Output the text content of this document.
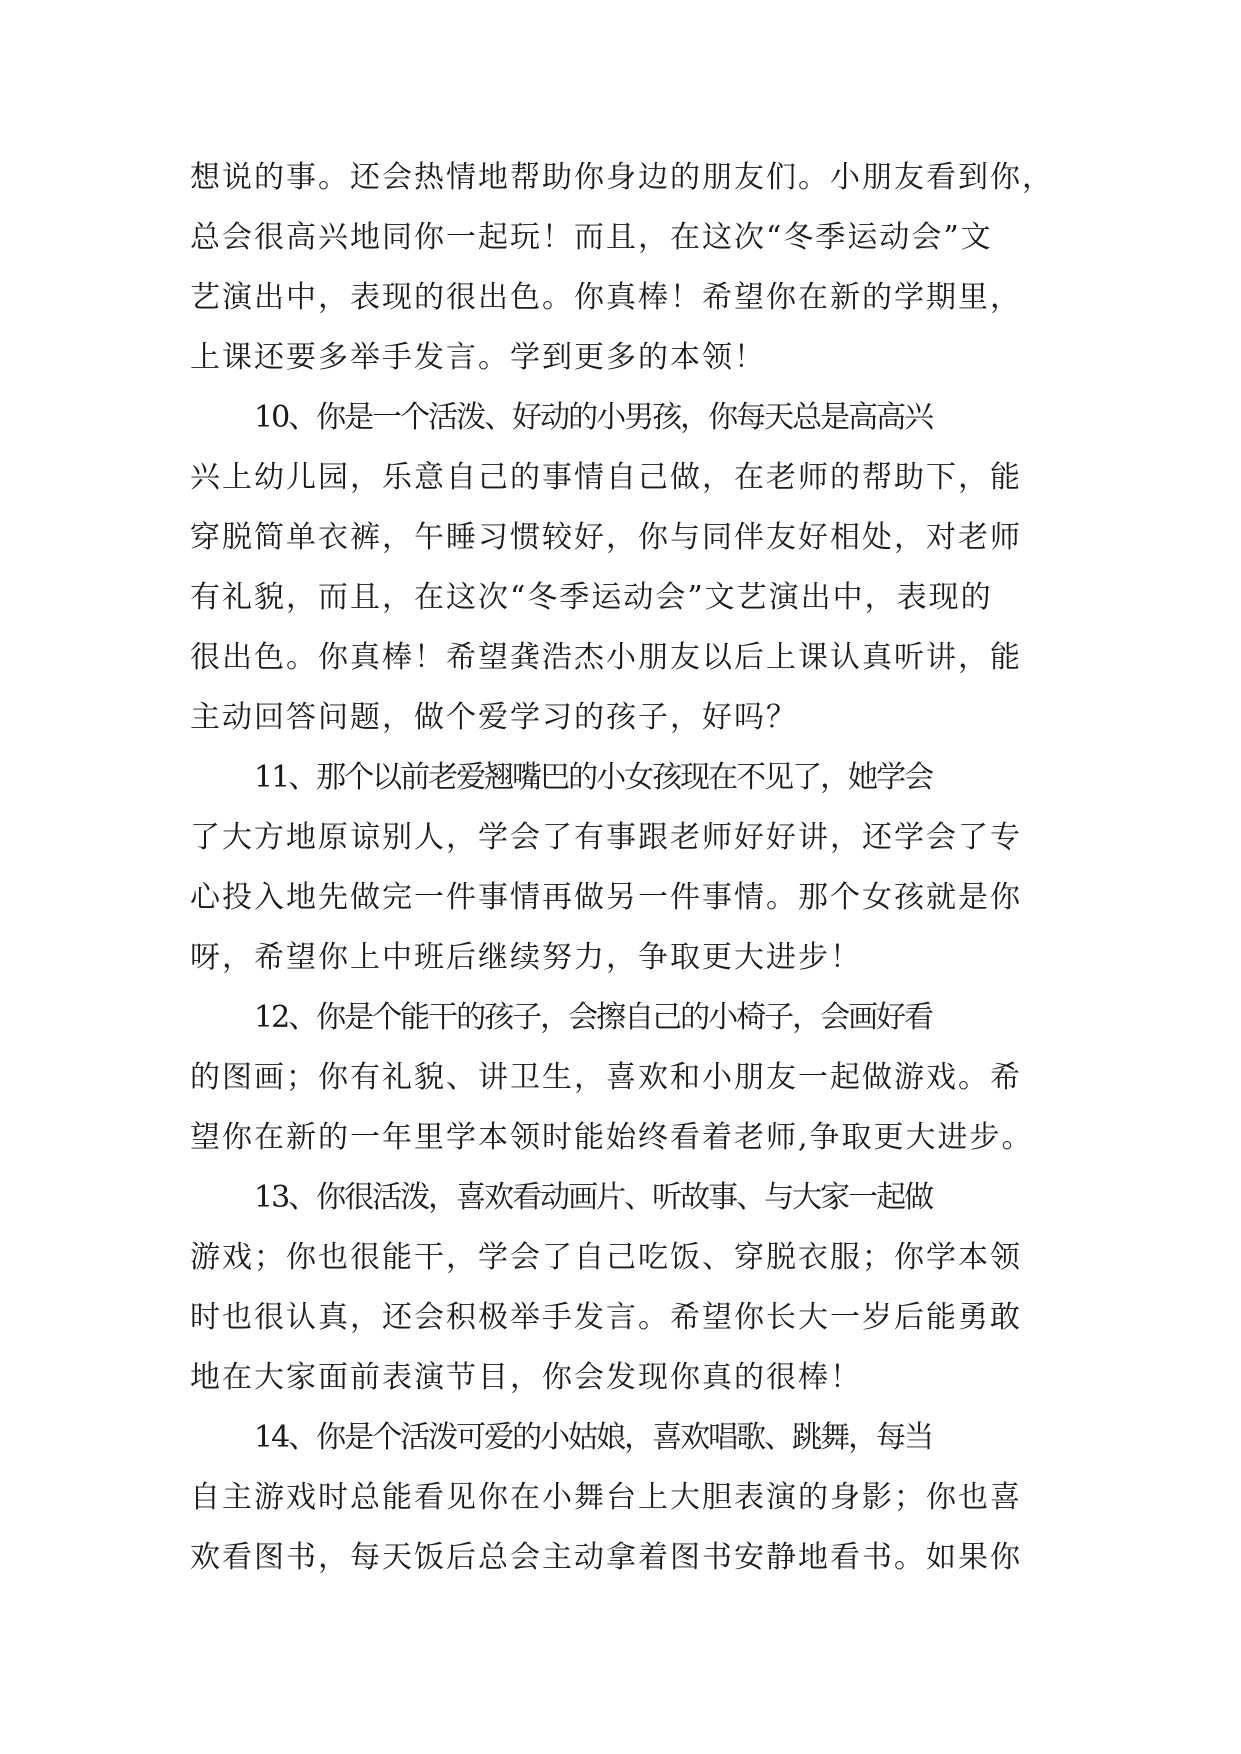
想说的事。还会热情地帮助你身边的朋友们。小朋友看到你，
总会很高兴地同你一起玩！而且，在这次“冬季运动会”文
艺演出中，表现的很出色。你真棒！希望你在新的学期里，
上课还要多举手发言。学到更多的本领！
10、你是一个活泼、好动的小男孩，你每天总是高高兴
兴上幼儿园，乐意自己的事情自己做，在老师的帮助下，能
穿脱简单衣裤，午睡习惯较好，你与同伴友好相处，对老师
有礼貌，而且，在这次“冬季运动会”文艺演出中，表现的
很出色。你真棒！希望龚浩杰小朋友以后上课认真听讲，能
主动回答问题，做个爱学习的孩子，好吗？
11、那个以前老爱翘嘴巴的小女孩现在不见了，她学会
了大方地原谅别人，学会了有事跟老师好好讲，还学会了专
心投入地先做完一件事情再做另一件事情。那个女孩就是你
呀，希望你上中班后继续努力，争取更大进步！
12、你是个能干的孩子，会擦自己的小椅子，会画好看
的图画；你有礼貌、讲卫生，喜欢和小朋友一起做游戏。希
望你在新的一年里学本领时能始终看着老师,争取更大进步。
13、你很活泼，喜欢看动画片、听故事、与大家一起做
游戏；你也很能干，学会了自己吃饭、穿脱衣服；你学本领
时也很认真，还会积极举手发言。希望你长大一岁后能勇敢
地在大家面前表演节目，你会发现你真的很棒！
14、你是个活泼可爱的小姑娘，喜欢唱歌、跳舞，每当
自主游戏时总能看见你在小舞台上大胆表演的身影；你也喜
欢看图书，每天饭后总会主动拿着图书安静地看书。如果你
